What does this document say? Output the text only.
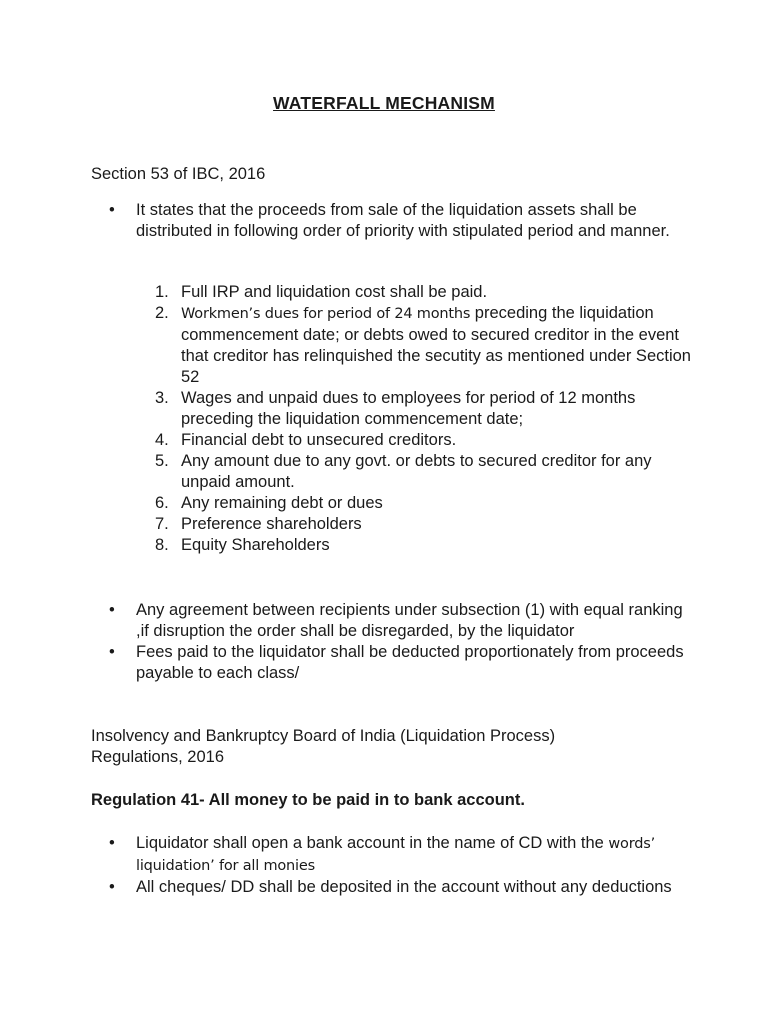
WATERFALL MECHANISM

Section 53 of IBC, 2016

• It states that the proceeds from sale of the liquidation assets shall be distributed in following order of priority with stipulated period and manner.
1. Full IRP and liquidation cost shall be paid.
2. Workmen’s dues for period of 24 months preceding the liquidation commencement date; or debts owed to secured creditor in the event that creditor has relinquished the secutity as mentioned under Section 52
3. Wages and unpaid dues to employees for period of 12 months preceding the liquidation commencement date;
4. Financial debt to unsecured creditors.
5. Any amount due to any govt. or debts to secured creditor for any unpaid amount.
6. Any remaining debt or dues
7. Preference shareholders
8. Equity Shareholders
• Any agreement between recipients under subsection (1) with equal ranking ,if disruption the order shall be disregarded, by the liquidator
• Fees paid to the liquidator shall be deducted proportionately from proceeds payable to each class/

Insolvency and Bankruptcy Board of India (Liquidation Process) Regulations, 2016

Regulation 41- All money to be paid in to bank account.

• Liquidator shall open a bank account in the name of CD with the words’ liquidation’ for all monies
• All cheques/ DD shall be deposited in the account without any deductions
